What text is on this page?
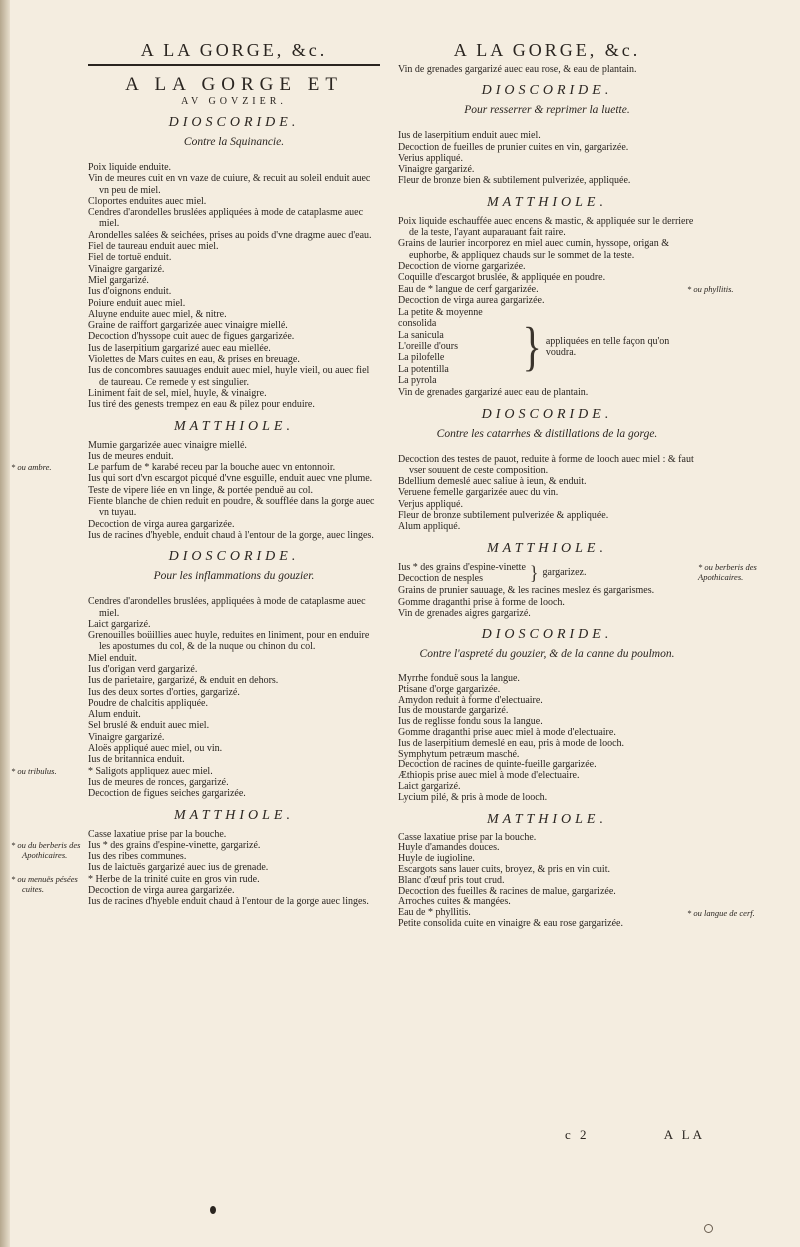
A LA GORGE, &c.
A LA GORGE ET
AV GOVZIER.
DIOSCORIDE.
Contre la Squinancie.
Poix liquide enduite.
Vin de meures cuit en vn vaze de cuiure, & recuit au soleil enduit auec vn peu de miel.
Cloportes enduites auec miel.
Cendres d'arondelles bruslées appliquées à mode de cataplasme auec miel.
Arondelles salées & seichées, prises au poids d'vne dragme auec d'eau.
Fiel de taureau enduit auec miel.
Fiel de tortuë enduit.
Vinaigre gargarizé.
Miel gargarizé.
Ius d'oignons enduit.
Poiure enduit auec miel.
Aluyne enduite auec miel, & nitre.
Graine de raiffort gargarizée auec vinaigre miellé.
Decoction d'hyssope cuit auec de figues gargarizée.
Ius de laserpitium gargarizé auec eau miellée.
Violettes de Mars cuites en eau, & prises en breuage.
Ius de concombres sauuages enduit auec miel, huyle vieil, ou auec fiel de taureau. Ce remede y est singulier.
Liniment fait de sel, miel, huyle, & vinaigre.
Ius tiré des genests trempez en eau & pilez pour enduire.
MATTHIOLE.
Mumie gargarizée auec vinaigre miellé.
Ius de meures enduit.
* ou ambre.	Le parfum de * karabé receu par la bouche auec vn entonnoir.
Ius qui sort d'vn escargot picqué d'vne esguille, enduit auec vne plume.
Teste de vipere liée en vn linge, & portée penduë au col.
Fiente blanche de chien reduit en poudre, & soufflée dans la gorge auec vn tuyau.
Decoction de virga aurea gargarizée.
Ius de racines d'hyeble, enduit chaud à l'entour de la gorge, auec linges.
DIOSCORIDE.
Pour les inflammations du gouzier.
Cendres d'arondelles bruslées, appliquées à mode de cataplasme auec miel.
Laict gargarizé.
Grenouilles boüillies auec huyle, reduites en liniment, pour en enduire les apostumes du col, & de la nuque ou chinon du col.
Miel enduit.
Ius d'origan verd gargarizé.
Ius de parietaire, gargarizé, & enduit en dehors.
Ius des deux sortes d'orties, gargarizé.
Poudre de chalcitis appliquée.
Alum enduit.
Sel bruslé & enduit auec miel.
Vinaigre gargarizé.
Aloës appliqué auec miel, ou vin.
Ius de britannica enduit.
* ou tribulus.	* Saligots appliquez auec miel.
Ius de meures de ronces, gargarizé.
Decoction de figues seiches gargarizée.
MATTHIOLE.
Casse laxatiue prise par la bouche.
* ou du berberis des Apothicaires.
Ius * des grains d'espine-vinette, gargarizé.
Ius des ribes communes.
Ius de laictuës gargarizé auec ius de grenade.
* ou menuës pésées cuites.
* Herbe de la trinité cuite en gros vin rude.
Decoction de virga aurea gargarizée.
Ius de racines d'hyeble enduit chaud à l'entour de la gorge auec linges.
A LA GORGE, &c.
Vin de grenades gargarizé auec eau rose, & eau de plantain.
DIOSCORIDE.
Pour resserrer & reprimer la luette.
Ius de laserpitium enduit auec miel.
Decoction de fueilles de prunier cuites en vin, gargarizée.
Verius appliqué.
Vinaigre gargarizé.
Fleur de bronze bien & subtilement pulverizée, appliquée.
MATTHIOLE.
Poix liquide eschauffée auec encens & mastic, & appliquée sur le derriere de la teste, l'ayant auparauant fait raire.
Grains de laurier incorporez en miel auec cumin, hyssope, origan & euphorbe, & appliquez chauds sur le sommet de la teste.
Decoction de viorne gargarizée.
Coquille d'escargot bruslée, & appliquée en poudre.
* ou phyllitis.
Eau de * langue de cerf gargarizée.
Decoction de virga aurea gargarizée.
La petite & moyenne consolida
La sanicula
L'oreille d'ours
La pilofelle
La potentilla
La pyrola
} appliquées en telle façon qu'on voudra.
Vin de grenades gargarizé auec eau de plantain.
DIOSCORIDE.
Contre les catarrhes & distillations de la gorge.
Decoction des testes de pauot, reduite à forme de looch auec miel : & faut vser souuent de ceste composition.
Bdellium demeslé auec saliue à ieun, & enduit.
Veruene femelle gargarizée auec du vin.
Verjus appliqué.
Fleur de bronze subtilement pulverizée & appliquée.
Alum appliqué.
MATTHIOLE.
* ou berberis des Apothicaires.
Ius * des grains d'espine-vinette
Decoction de nesples	} gargarizez.
Grains de prunier sauuage, & les racines meslez és gargarismes.
Gomme draganthi prise à forme de looch.
Vin de grenades aigres gargarizé.
DIOSCORIDE.
Contre l'aspreté du gouzier, & de la canne du poulmon.
Myrrhe fonduë sous la langue.
Ptisane d'orge gargarizée.
Amydon reduit à forme d'electuaire.
Ius de moustarde gargarizé.
Ius de reglisse fondu sous la langue.
Gomme draganthi prise auec miel à mode d'electuaire.
Ius de laserpitium demeslé en eau, pris à mode de looch.
Symphytum petræum masché.
Decoction de racines de quinte-fueille gargarizée.
Æthiopis prise auec miel à mode d'electuaire.
Laict gargarizé.
Lycium pilé, & pris à mode de looch.
MATTHIOLE.
Casse laxatiue prise par la bouche.
Huyle d'amandes douces.
Huyle de iugioline.
Escargots sans lauer cuits, broyez, & pris en vin cuit.
Blanc d'œuf pris tout crud.
Decoction des fueilles & racines de malue, gargarizée.
Arroches cuites & mangées.
* ou langue de cerf.
Eau de * phyllitis.
Petite consolida cuite en vinaigre & eau rose gargarizée.
c 2	A LA
